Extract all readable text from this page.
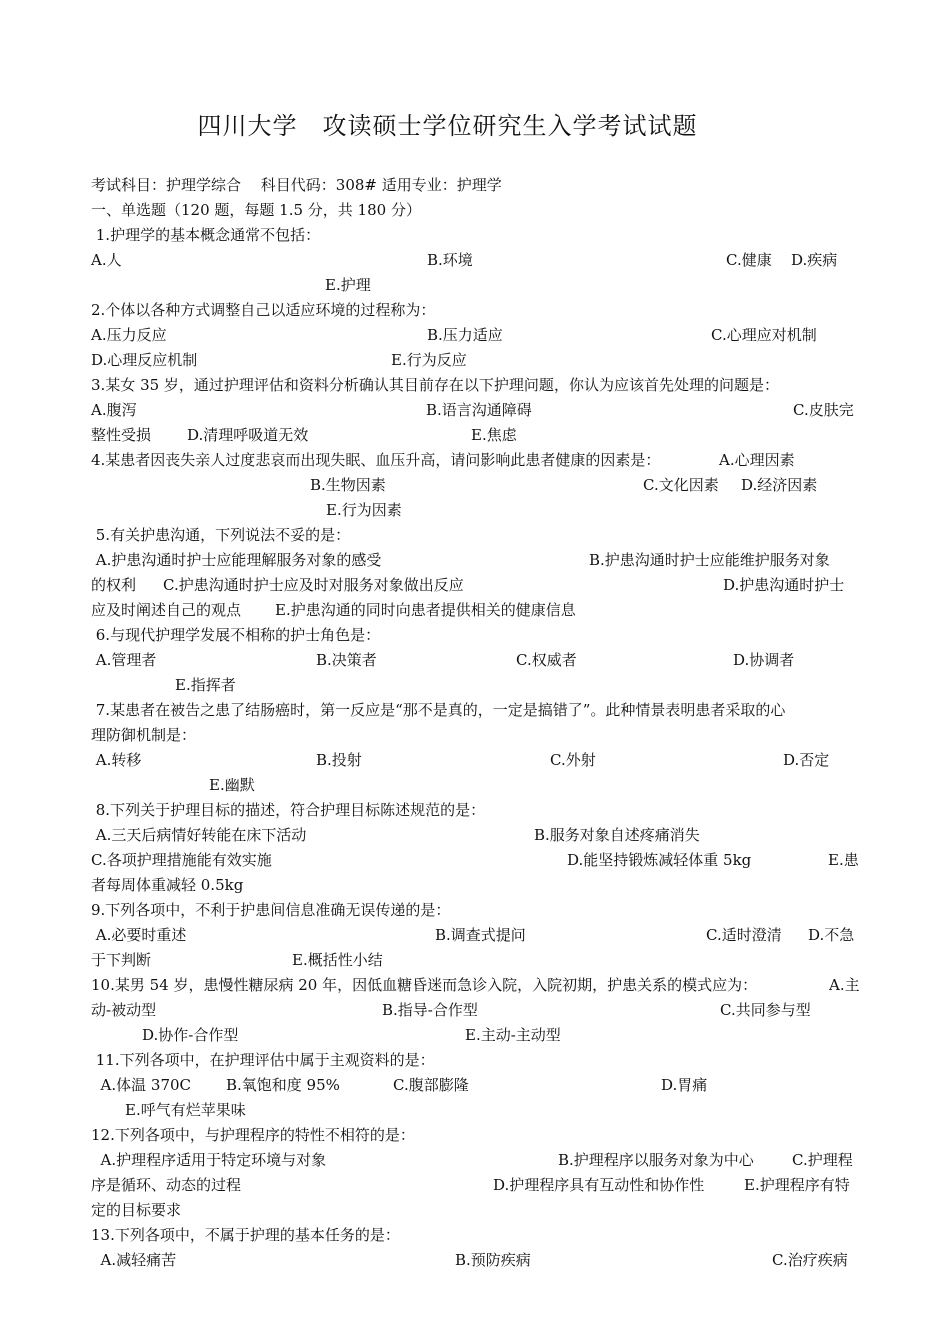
四川大学　攻读硕士学位研究生入学考试试题
考试科目：护理学综合　 科目代码：308# 适用专业：护理学
一、单选题（120 题，每题 1.5 分，共 180 分）
1.护理学的基本概念通常不包括：
A.人	B.环境	C.健康 D.疾病
E.护理
2.个体以各种方式调整自己以适应环境的过程称为：
A.压力反应	B.压力适应	C.心理应对机制
D.心理反应机制	E.行为反应
3.某女 35 岁，通过护理评估和资料分析确认其目前存在以下护理问题，你认为应该首先处理的问题是：
A.腹泻	B.语言沟通障碍	C.皮肤完
整性受损 D.清理呼吸道无效	E.焦虑
4.某患者因丧失亲人过度悲哀而出现失眠、血压升高，请问影响此患者健康的因素是：	A.心理因素
B.生物因素	C.文化因素 D.经济因素
E.行为因素
5.有关护患沟通，下列说法不妥的是：
A.护患沟通时护士应能理解服务对象的感受	B.护患沟通时护士应能维护服务对象
的权利 C.护患沟通时护士应及时对服务对象做出反应	D.护患沟通时护士
应及时阐述自己的观点 E.护患沟通的同时向患者提供相关的健康信息
6.与现代护理学发展不相称的护士角色是：
A.管理者	B.决策者	C.权威者	D.协调者
E.指挥者
7.某患者在被告之患了结肠癌时，第一反应是“那不是真的，一定是搞错了”。此种情景表明患者采取的心
理防御机制是：
A.转移	B.投射	C.外射	D.否定
E.幽默
8.下列关于护理目标的描述，符合护理目标陈述规范的是：
A.三天后病情好转能在床下活动	B.服务对象自述疼痛消失
C.各项护理措施能有效实施	D.能坚持锻炼减轻体重 5kg	E.患
者每周体重减轻 0.5kg
9.下列各项中，不利于护患间信息准确无误传递的是：
A.必要时重述	B.调查式提问	C.适时澄清 D.不急
于下判断	E.概括性小结
10.某男 54 岁，患慢性糖尿病 20 年，因低血糖昏迷而急诊入院，入院初期，护患关系的模式应为：	A.主
动-被动型	B.指导-合作型	C.共同参与型
D.协作-合作型	E.主动-主动型
11.下列各项中，在护理评估中属于主观资料的是：
A.体温 370C B.氧饱和度 95%	C.腹部膨隆	D.胃痛
E.呼气有烂苹果味
12.下列各项中，与护理程序的特性不相符的是：
A.护理程序适用于特定环境与对象	B.护理程序以服务对象为中心	C.护理程
序是循环、动态的过程	D.护理程序具有互动性和协作性	E.护理程序有特
定的目标要求
13.下列各项中，不属于护理的基本任务的是：
A.减轻痛苦	B.预防疾病	C.治疗疾病
